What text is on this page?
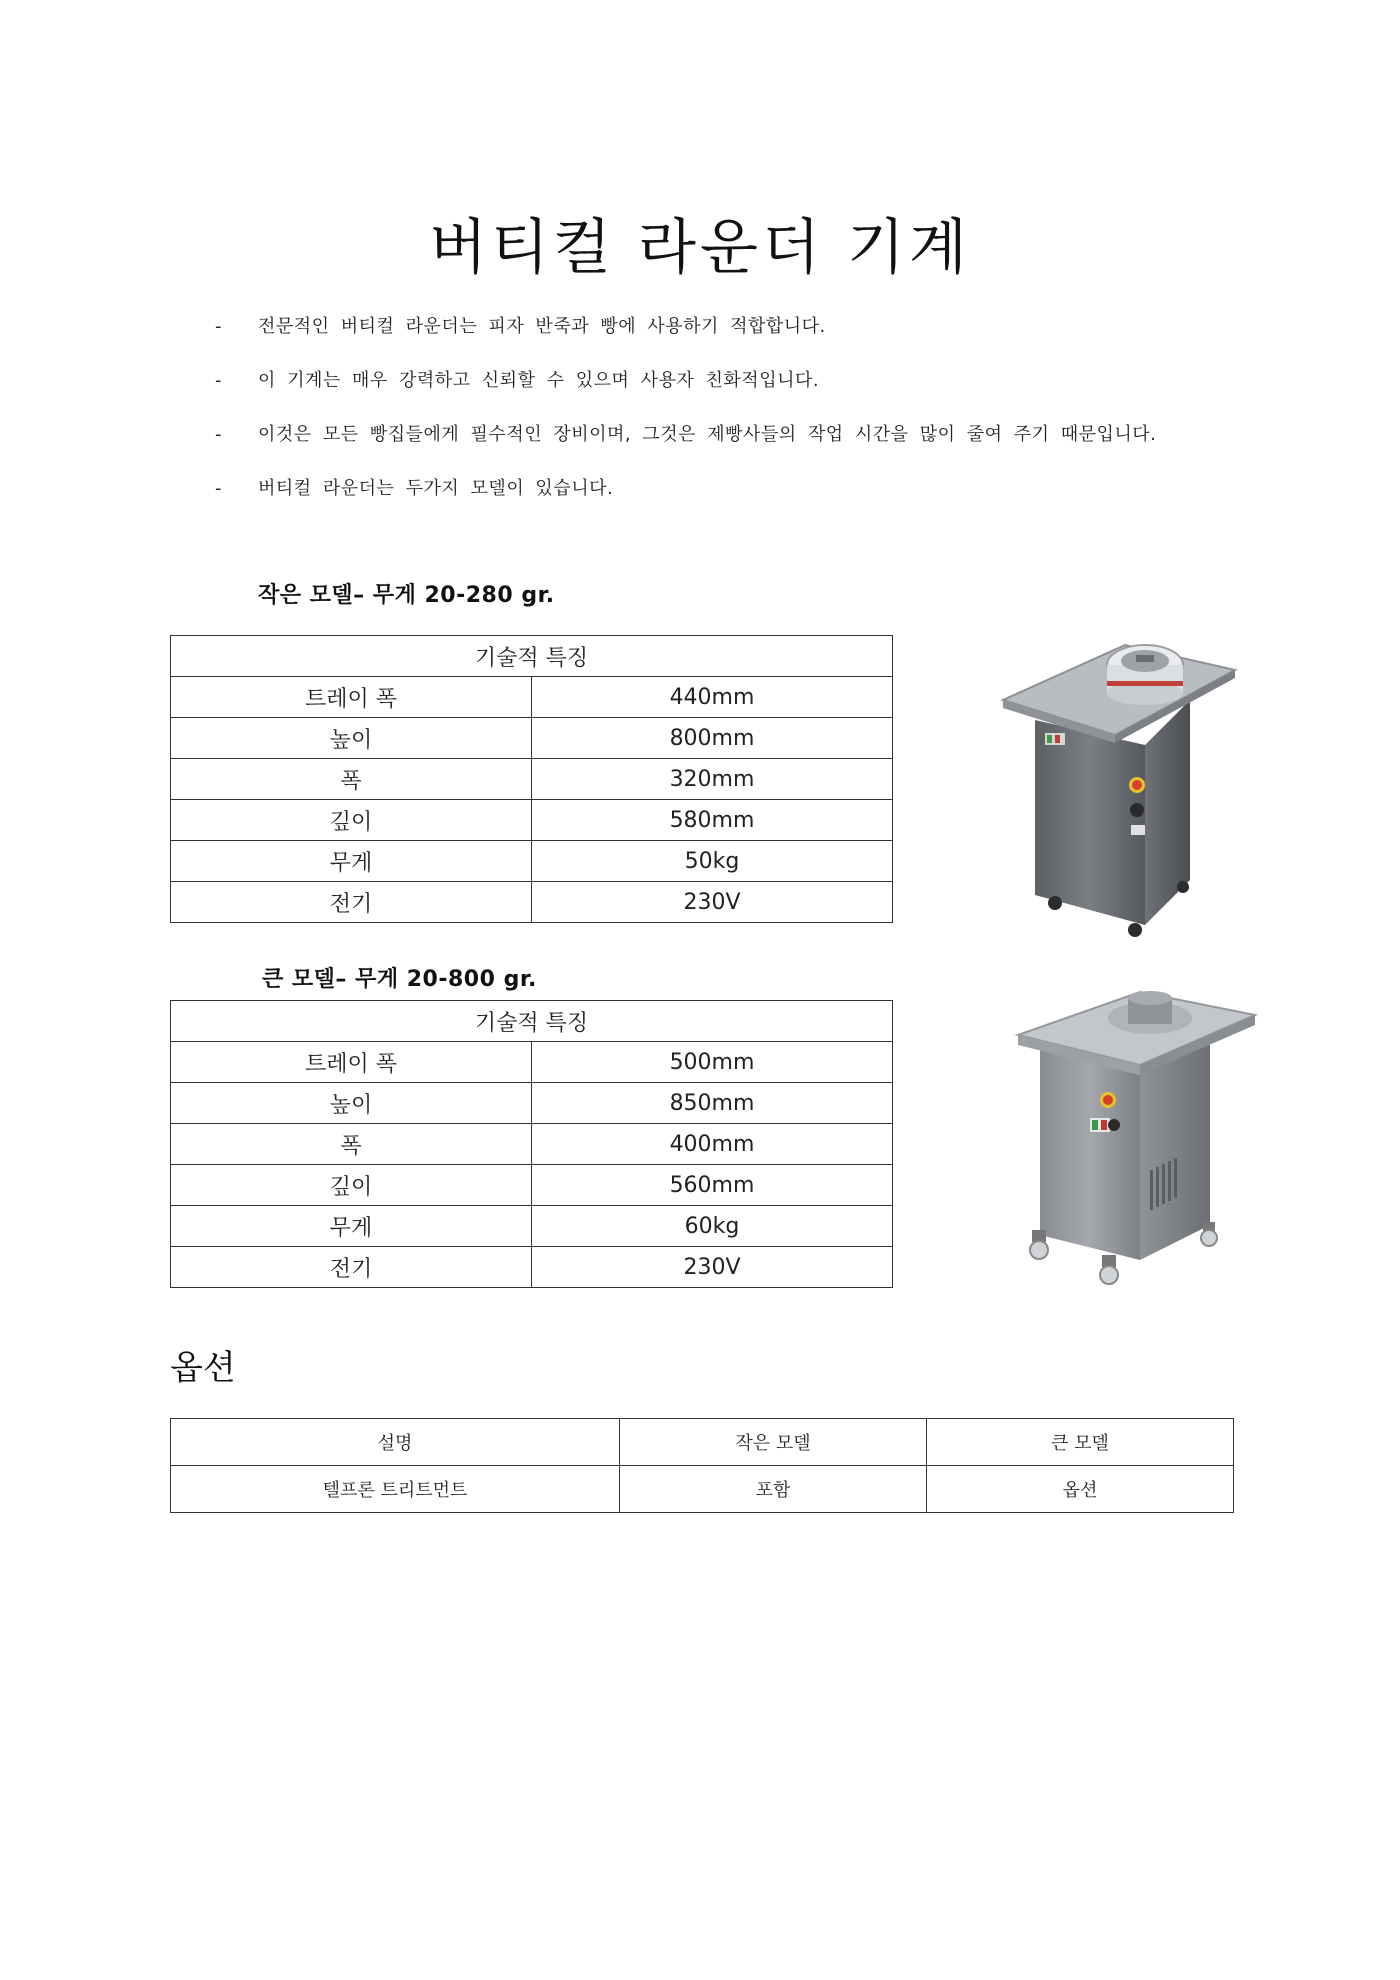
버티컬 라운더 기계
- 전문적인 버티컬 라운더는 피자 반죽과 빵에 사용하기 적합합니다.
- 이 기계는 매우 강력하고 신뢰할 수 있으며 사용자 친화적입니다.
- 이것은 모든 빵집들에게 필수적인 장비이며, 그것은 제빵사들의 작업 시간을 많이 줄여 주기 때문입니다.
- 버티컬 라운더는 두가지 모델이 있습니다.
작은 모델– 무게 20-280 gr.
기술적 특징	
트레이 폭	440mm
높이	800mm
폭	320mm
깊이	580mm
무게	50kg
전기	230V
큰 모델– 무게 20-800 gr.
기술적 특징	
트레이 폭	500mm
높이	850mm
폭	400mm
깊이	560mm
무게	60kg
전기	230V
옵션
설명	작은 모델	큰 모델
텔프론 트리트먼트	포함	옵션
